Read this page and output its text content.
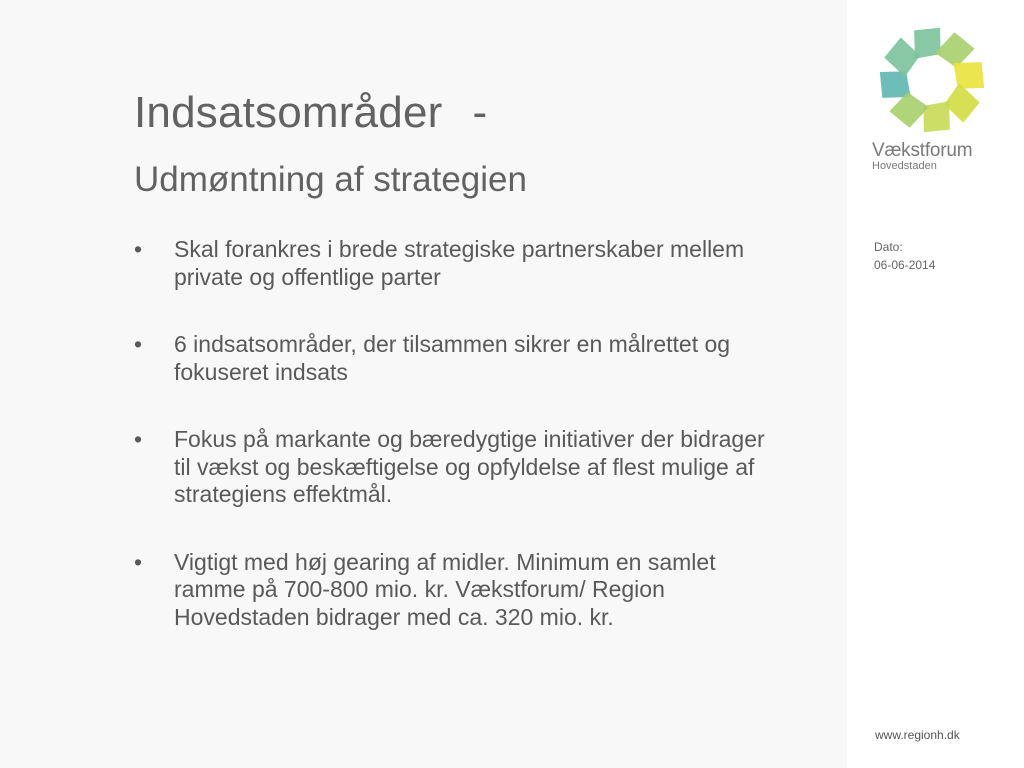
Indsatsområder -
Udmøntning af strategien
• Skal forankres i brede strategiske partnerskaber mellem private og offentlige parter
• 6 indsatsområder, der tilsammen sikrer en målrettet og fokuseret indsats
• Fokus på markante og bæredygtige initiativer der bidrager til vækst og beskæftigelse og opfyldelse af flest mulige af strategiens effektmål.
• Vigtigt med høj gearing af midler. Minimum en samlet ramme på 700-800 mio. kr. Vækstforum/ Region Hovedstaden bidrager med ca. 320 mio. kr.
Vækstforum
Hovedstaden
Dato:
06-06-2014
www.regionh.dk
